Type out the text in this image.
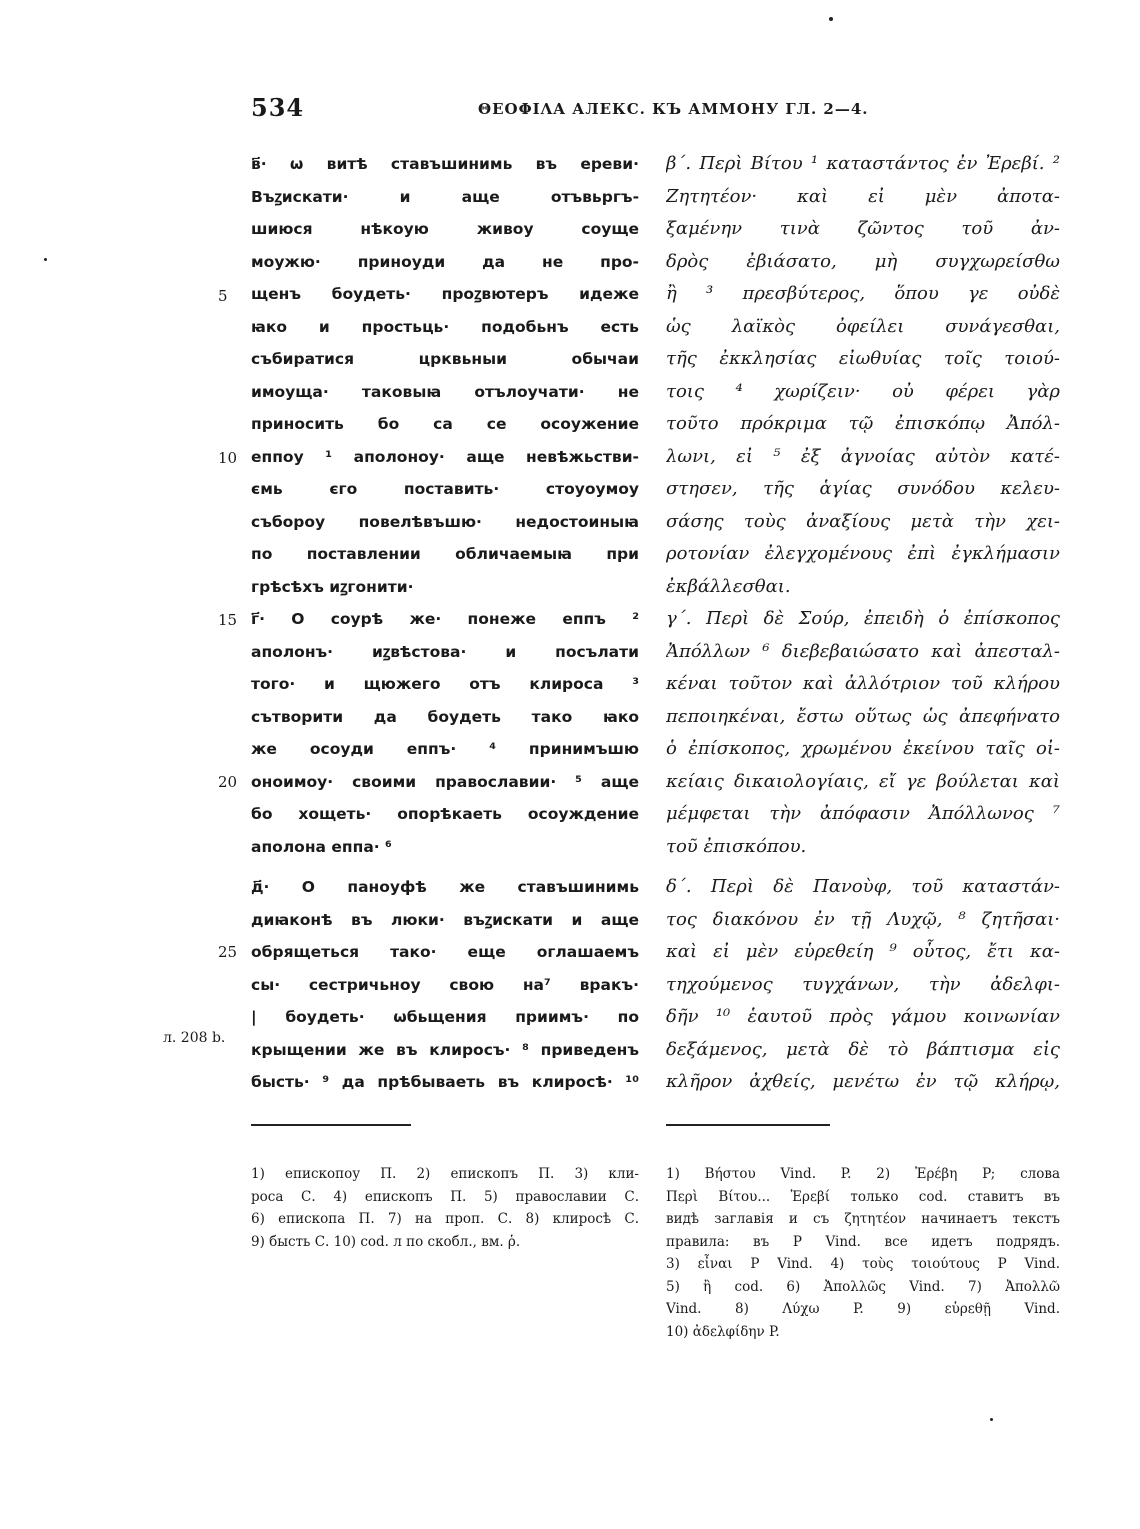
534	ΘΕΟΦΙΛΑ АЛЕКС. КЪ АММОНУ ГЛ. 2—4.
в҃· ѡ витѣ ставъшинимь въ ереви·
Въꙁискати· и аще отъвьргъ-
шиюся нѣкоую живоу соуще
моужю· приноуди да не про-
щенъ боудеть· проꙁвютеръ идеже
ꙗко и простьць· подобьнъ есть
събиратися црквьныи обычаи
имоуща· таковыꙗ отълоучати· не
приносить бо са се осоужение
еппоу ¹ аполоноу· аще невѣжьстви-
ємь єго поставить· стоуоумоу
съборoу повелѣвъшю· недостоиныꙗ
по поставлении обличаемыꙗ при
грѣсѣхъ иꙁгонити·
г҃· О соурѣ же· понеже еппъ ²
аполонъ· иꙁвѣстова· и посълати
того· и щюжего отъ клироса ³
сътворити да боудеть тако ꙗко
же осоуди еппъ· ⁴ принимъшю
оноимоу· своими православии· ⁵ аще
бо хощеть· опорѣкаеть осоуждение
аполона еппа· ⁶
д҃· О паноуфѣ же ставъшинимь
диꙗконѣ въ люки· въꙁискати и аще
обрящеться тако· еще оглашаемъ
сы· сестричьноу свою на⁷ вракъ·
| боудеть· ѡбьщения приимъ· по
крыщении же въ клиросъ· ⁸ приведенъ
бысть· ⁹ да прѣбываеть въ клиросѣ· ¹⁰
5
10
15
20
25
л. 208 b.
β΄. Περὶ Βίτου ¹ καταστάντος ἐν Ἐρεβί. ²
Ζητητέον· καὶ εἰ μὲν ἀποτα-
ξαμένην τινὰ ζῶντος τοῦ ἀν-
δρὸς ἐβιάσατο, μὴ συγχωρείσθω
ἢ ³ πρεσβύτερος, ὅπου γε οὐδὲ
ὡς λαϊκὸς ὀφείλει συνάγεσθαι,
τῆς ἐκκλησίας εἰωθυίας τοῖς τοιού-
τοις ⁴ χωρίζειν· οὐ φέρει γὰρ
τοῦτο πρόκριμα τῷ ἐπισκόπῳ Ἀπόλ-
λωνι, εἰ ⁵ ἐξ ἀγνοίας αὐτὸν κατέ-
στησεν, τῆς ἁγίας συνόδου κελευ-
σάσης τοὺς ἀναξίους μετὰ τὴν χει-
ροτονίαν ἐλεγχομένους ἐπὶ ἐγκλήμασιν
ἐκβάλλεσθαι.
γ΄. Περὶ δὲ Σούρ, ἐπειδὴ ὁ ἐπίσκοπος
Ἀπόλλων ⁶ διεβεβαιώσατο καὶ ἀπεσταλ-
κέναι τοῦτον καὶ ἀλλότριον τοῦ κλήρου
πεποιηκέναι, ἔστω οὕτως ὡς ἀπεφήνατο
ὁ ἐπίσκοπος, χρωμένου ἐκείνου ταῖς οἰ-
κείαις δικαιολογίαις, εἴ γε βούλεται καὶ
μέμφεται τὴν ἀπόφασιν Ἀπόλλωνος ⁷
τοῦ ἐπισκόπου.
δ΄. Περὶ δὲ Πανοὺφ, τοῦ καταστάν-
τος διακόνου ἐν τῇ Λυχῷ, ⁸ ζητῆσαι·
καὶ εἰ μὲν εὑρεθείη ⁹ οὗτος, ἔτι κα-
τηχούμενος τυγχάνων, τὴν ἀδελφι-
δῆν ¹⁰ ἑαυτοῦ πρὸς γάμου κοινωνίαν
δεξάμενος, μετὰ δὲ τὸ βάπτισμα εἰς
κλῆρον ἀχθείς, μενέτω ἐν τῷ κλήρῳ,
1) епископоу П. 2) епископъ П. 3) кли-
роса С. 4) епископъ П. 5) православии С.
6) епископа П. 7) на проп. С. 8) клиросѣ С.
9) бысть С. 10) cod. л по скобл., вм. ῥ.
1) Βήστου Vind. P. 2) Ἐρέβη P; слова
Περὶ Βίτου... Ἐρεβί только cod. ставитъ въ
видѣ заглавія и съ ζητητέον начинаетъ текстъ
правила: въ P Vind. все идетъ подрядъ.
3) εἶναι P Vind. 4) τοὺς τοιούτους P Vind.
5) ἢ cod. 6) Ἀπολλῶς Vind. 7) Ἀπολλῶ
Vind. 8) Λύχω P. 9) εὑρεθῇ Vind.
10) ἀδελφίδην P.
